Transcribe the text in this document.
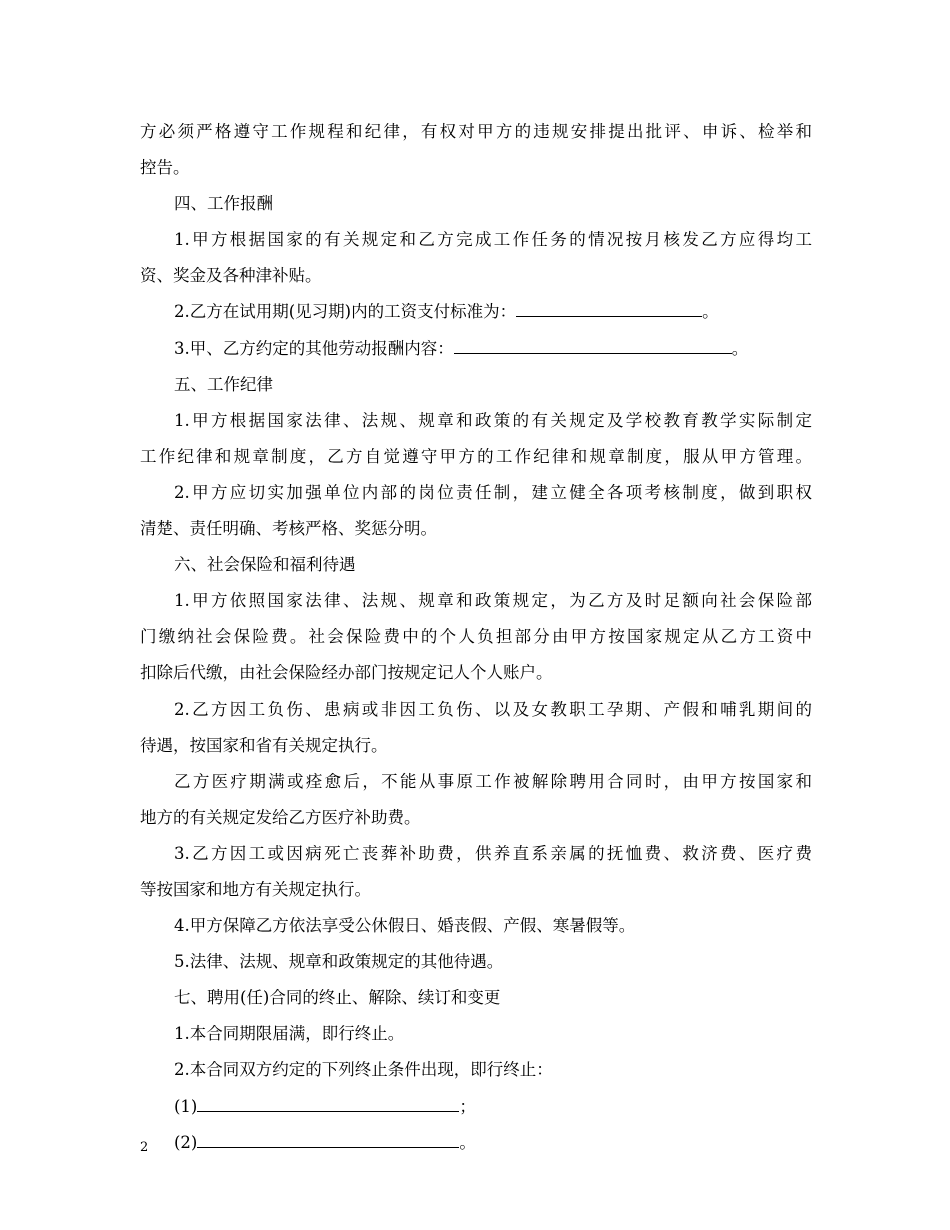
方必须严格遵守工作规程和纪律，有权对甲方的违规安排提出批评、申诉、检举和
控告。
四、工作报酬
1.甲方根据国家的有关规定和乙方完成工作任务的情况按月核发乙方应得均工
资、奖金及各种津补贴。
2.乙方在试用期(见习期)内的工资支付标准为：	。
3.甲、乙方约定的其他劳动报酬内容：	。
五、工作纪律
1.甲方根据国家法律、法规、规章和政策的有关规定及学校教育教学实际制定
工作纪律和规章制度，乙方自觉遵守甲方的工作纪律和规章制度，服从甲方管理。
2.甲方应切实加强单位内部的岗位责任制，建立健全各项考核制度，做到职权
清楚、责任明确、考核严格、奖惩分明。
六、社会保险和福利待遇
1.甲方依照国家法律、法规、规章和政策规定，为乙方及时足额向社会保险部
门缴纳社会保险费。社会保险费中的个人负担部分由甲方按国家规定从乙方工资中
扣除后代缴，由社会保险经办部门按规定记人个人账户。
2.乙方因工负伤、患病或非因工负伤、以及女教职工孕期、产假和哺乳期间的
待遇，按国家和省有关规定执行。
乙方医疗期满或痊愈后，不能从事原工作被解除聘用合同时，由甲方按国家和
地方的有关规定发给乙方医疗补助费。
3.乙方因工或因病死亡丧葬补助费，供养直系亲属的抚恤费、救济费、医疗费
等按国家和地方有关规定执行。
4.甲方保障乙方依法享受公休假日、婚丧假、产假、寒暑假等。
5.法律、法规、规章和政策规定的其他待遇。
七、聘用(任)合同的终止、解除、续订和变更
1.本合同期限届满，即行终止。
2.本合同双方约定的下列终止条件出现，即行终止：
(1)	；
(2)	。
2
